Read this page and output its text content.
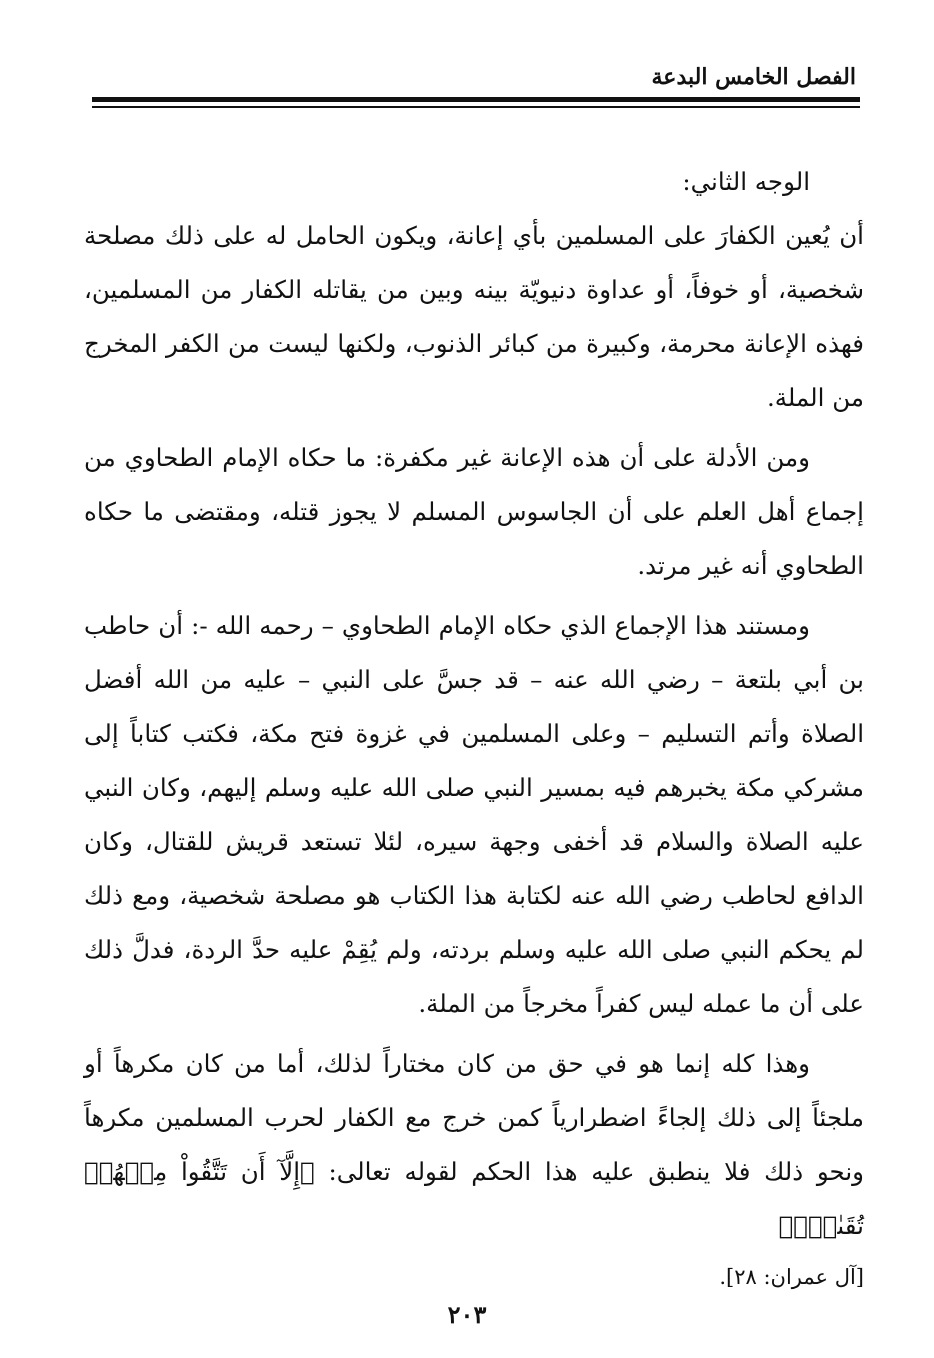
الفصل الخامس البدعة

الوجه الثاني:

أن يُعين الكفارَ على المسلمين بأي إعانة، ويكون الحامل له على ذلك مصلحة شخصية، أو خوفاً، أو عداوة دنيويّة بينه وبين من يقاتله الكفار من المسلمين، فهذه الإعانة محرمة، وكبيرة من كبائر الذنوب، ولكنها ليست من الكفر المخرج من الملة.

ومن الأدلة على أن هذه الإعانة غير مكفرة: ما حكاه الإمام الطحاوي من إجماع أهل العلم على أن الجاسوس المسلم لا يجوز قتله، ومقتضى ما حكاه الطحاوي أنه غير مرتد.

ومستند هذا الإجماع الذي حكاه الإمام الطحاوي – رحمه الله -: أن حاطب بن أبي بلتعة – رضي الله عنه – قد جسَّ على النبي – عليه من الله أفضل الصلاة وأتم التسليم – وعلى المسلمين في غزوة فتح مكة، فكتب كتاباً إلى مشركي مكة يخبرهم فيه بمسير النبي صلى الله عليه وسلم إليهم، وكان النبي عليه الصلاة والسلام قد أخفى وجهة سيره، لئلا تستعد قريش للقتال، وكان الدافع لحاطب رضي الله عنه لكتابة هذا الكتاب هو مصلحة شخصية، ومع ذلك لم يحكم النبي صلى الله عليه وسلم بردته، ولم يُقِمْ عليه حدَّ الردة، فدلَّ ذلك على أن ما عمله ليس كفراً مخرجاً من الملة.

وهذا كله إنما هو في حق من كان مختاراً لذلك، أما من كان مكرهاً أو ملجئاً إلى ذلك إلجاءً اضطرارياً كمن خرج مع الكفار لحرب المسلمين مكرهاً ونحو ذلك فلا ينطبق عليه هذا الحكم لقوله تعالى: ﴿إِلَّآ أَن تَتَّقُواْ مِنۡهُمۡ تُقَىٰةٗۗ﴾

[آل عمران: ٢٨].

٢٠٣
